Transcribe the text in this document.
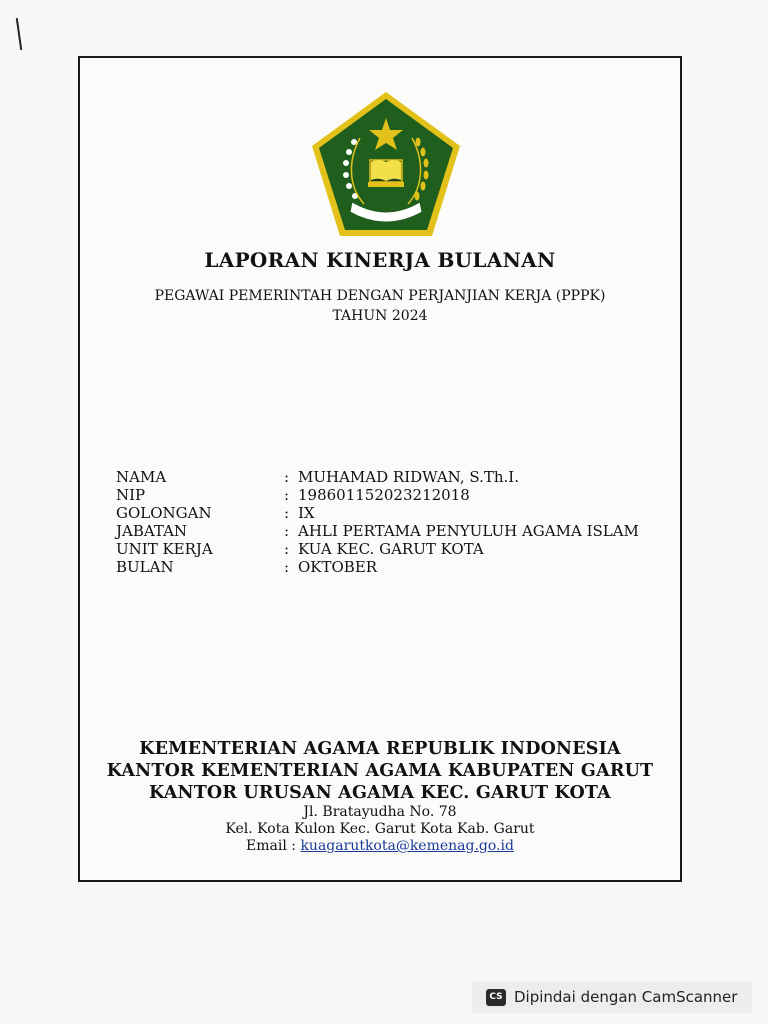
LAPORAN KINERJA BULANAN
PEGAWAI PEMERINTAH DENGAN PERJANJIAN KERJA (PPPK)
TAHUN 2024
NAMA	: MUHAMAD RIDWAN, S.Th.I.
NIP	: 198601152023212018
GOLONGAN	: IX
JABATAN	: AHLI PERTAMA PENYULUH AGAMA ISLAM
UNIT KERJA	: KUA KEC. GARUT KOTA
BULAN	: OKTOBER
KEMENTERIAN AGAMA REPUBLIK INDONESIA
KANTOR KEMENTERIAN AGAMA KABUPATEN GARUT
KANTOR URUSAN AGAMA KEC. GARUT KOTA
Jl. Bratayudha No. 78
Kel. Kota Kulon Kec. Garut Kota Kab. Garut
Email : kuagarutkota@kemenag.go.id
CS Dipindai dengan CamScanner
